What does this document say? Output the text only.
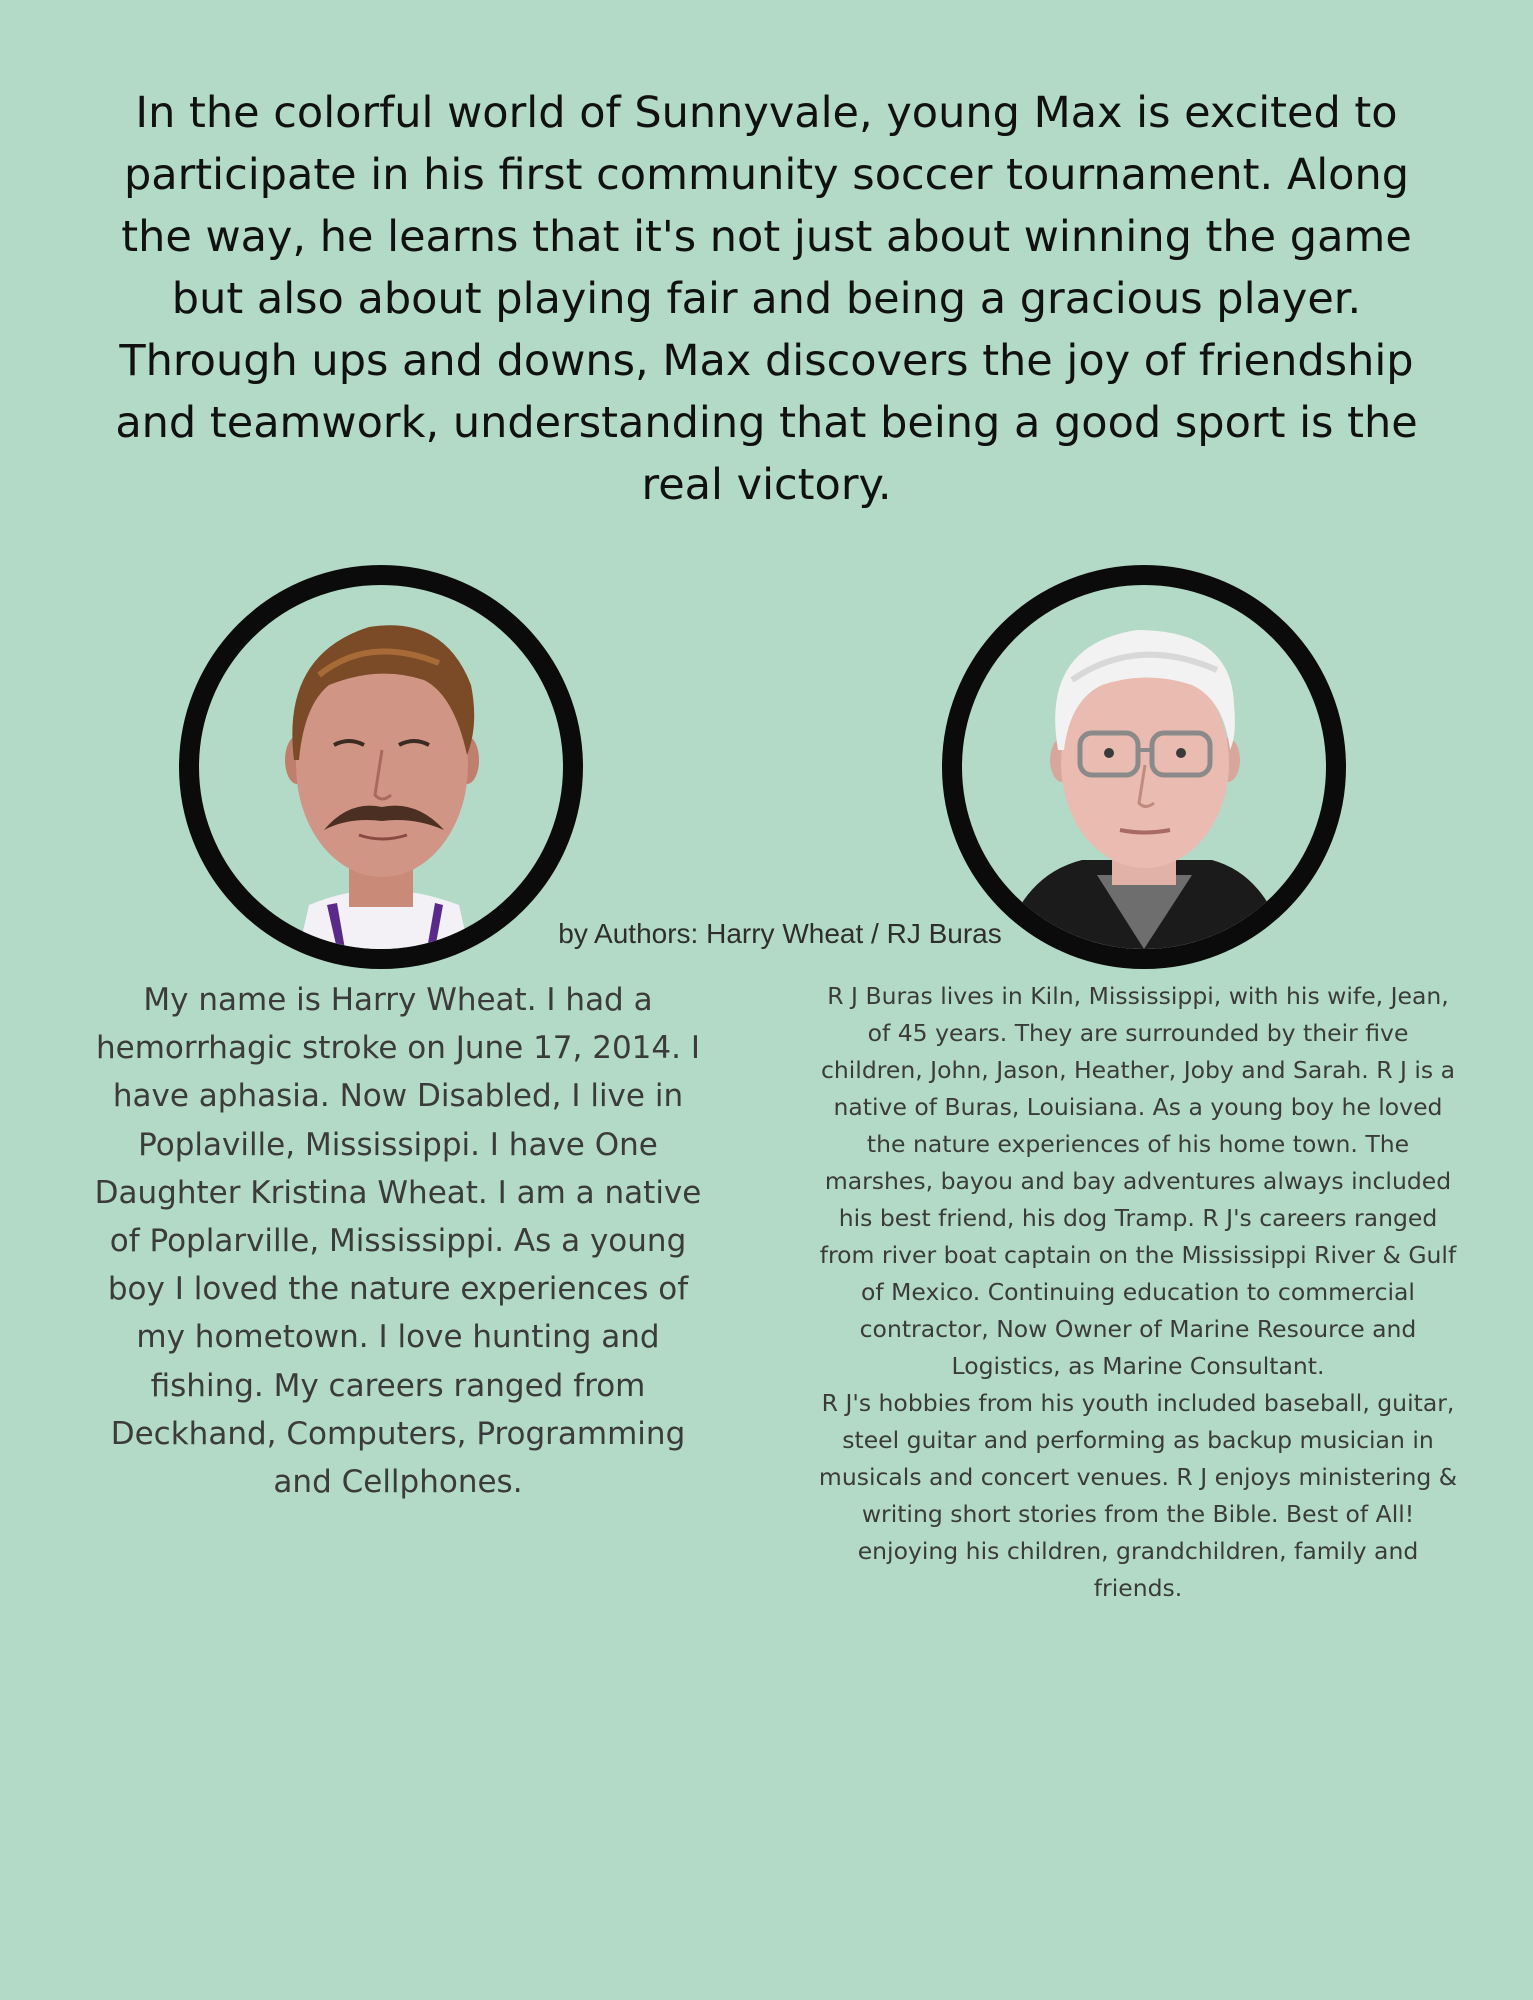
In the colorful world of Sunnyvale, young Max is excited to participate in his first community soccer tournament. Along the way, he learns that it's not just about winning the game but also about playing fair and being a gracious player. Through ups and downs, Max discovers the joy of friendship and teamwork, understanding that being a good sport is the real victory.

by Authors: Harry Wheat / RJ Buras

My name is Harry Wheat. I had a hemorrhagic stroke on June 17, 2014. I have aphasia. Now Disabled, I live in Poplaville, Mississippi. I have One Daughter Kristina Wheat. I am a native of Poplarville, Mississippi. As a young boy I loved the nature experiences of my hometown. I love hunting and fishing. My careers ranged from Deckhand, Computers, Programming and Cellphones.

R J Buras lives in Kiln, Mississippi, with his wife, Jean, of 45 years. They are surrounded by their five children, John, Jason, Heather, Joby and Sarah. R J is a native of Buras, Louisiana. As a young boy he loved the nature experiences of his home town. The marshes, bayou and bay adventures always included his best friend, his dog Tramp. R J's careers ranged from river boat captain on the Mississippi River & Gulf of Mexico. Continuing education to commercial contractor, Now Owner of Marine Resource and Logistics, as Marine Consultant.

R J's hobbies from his youth included baseball, guitar, steel guitar and performing as backup musician in musicals and concert venues. R J enjoys ministering & writing short stories from the Bible. Best of All! enjoying his children, grandchildren, family and friends.
